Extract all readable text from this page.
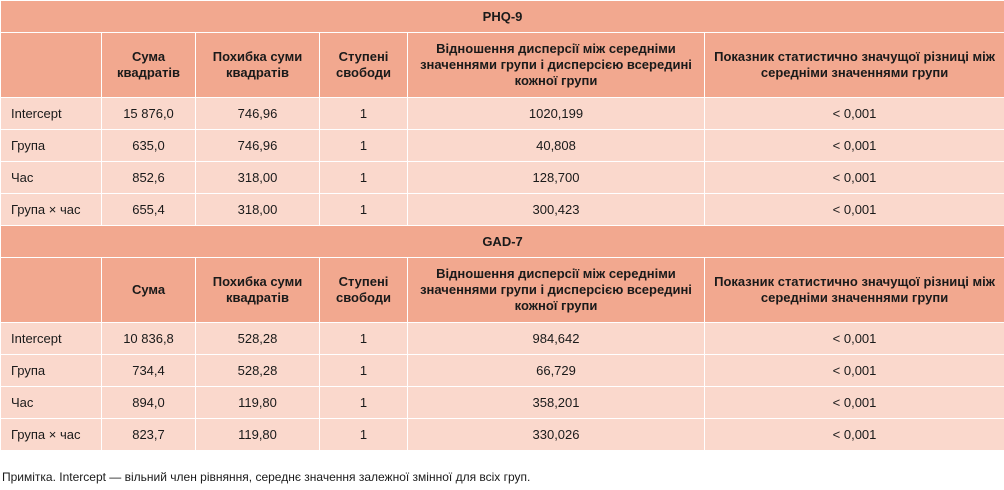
PHQ-9					
	Сума квадратів	Похибка суми квадратів	Ступені свободи	Відношення дисперсії між середніми значеннями групи і дисперсією всередині кожної групи	Показник статистично значущої різниці між середніми значеннями групи
Intercept	15 876,0	746,96	1	1020,199	< 0,001
Група	635,0	746,96	1	40,808	< 0,001
Час	852,6	318,00	1	128,700	< 0,001
Група × час	655,4	318,00	1	300,423	< 0,001
GAD-7					
	Сума	Похибка суми квадратів	Ступені свободи	Відношення дисперсії між середніми значеннями групи і дисперсією всередині кожної групи	Показник статистично значущої різниці між середніми значеннями групи
Intercept	10 836,8	528,28	1	984,642	< 0,001
Група	734,4	528,28	1	66,729	< 0,001
Час	894,0	119,80	1	358,201	< 0,001
Група × час	823,7	119,80	1	330,026	< 0,001
Примітка. Intercept — вільний член рівняння, середнє значення залежної змінної для всіх груп.
